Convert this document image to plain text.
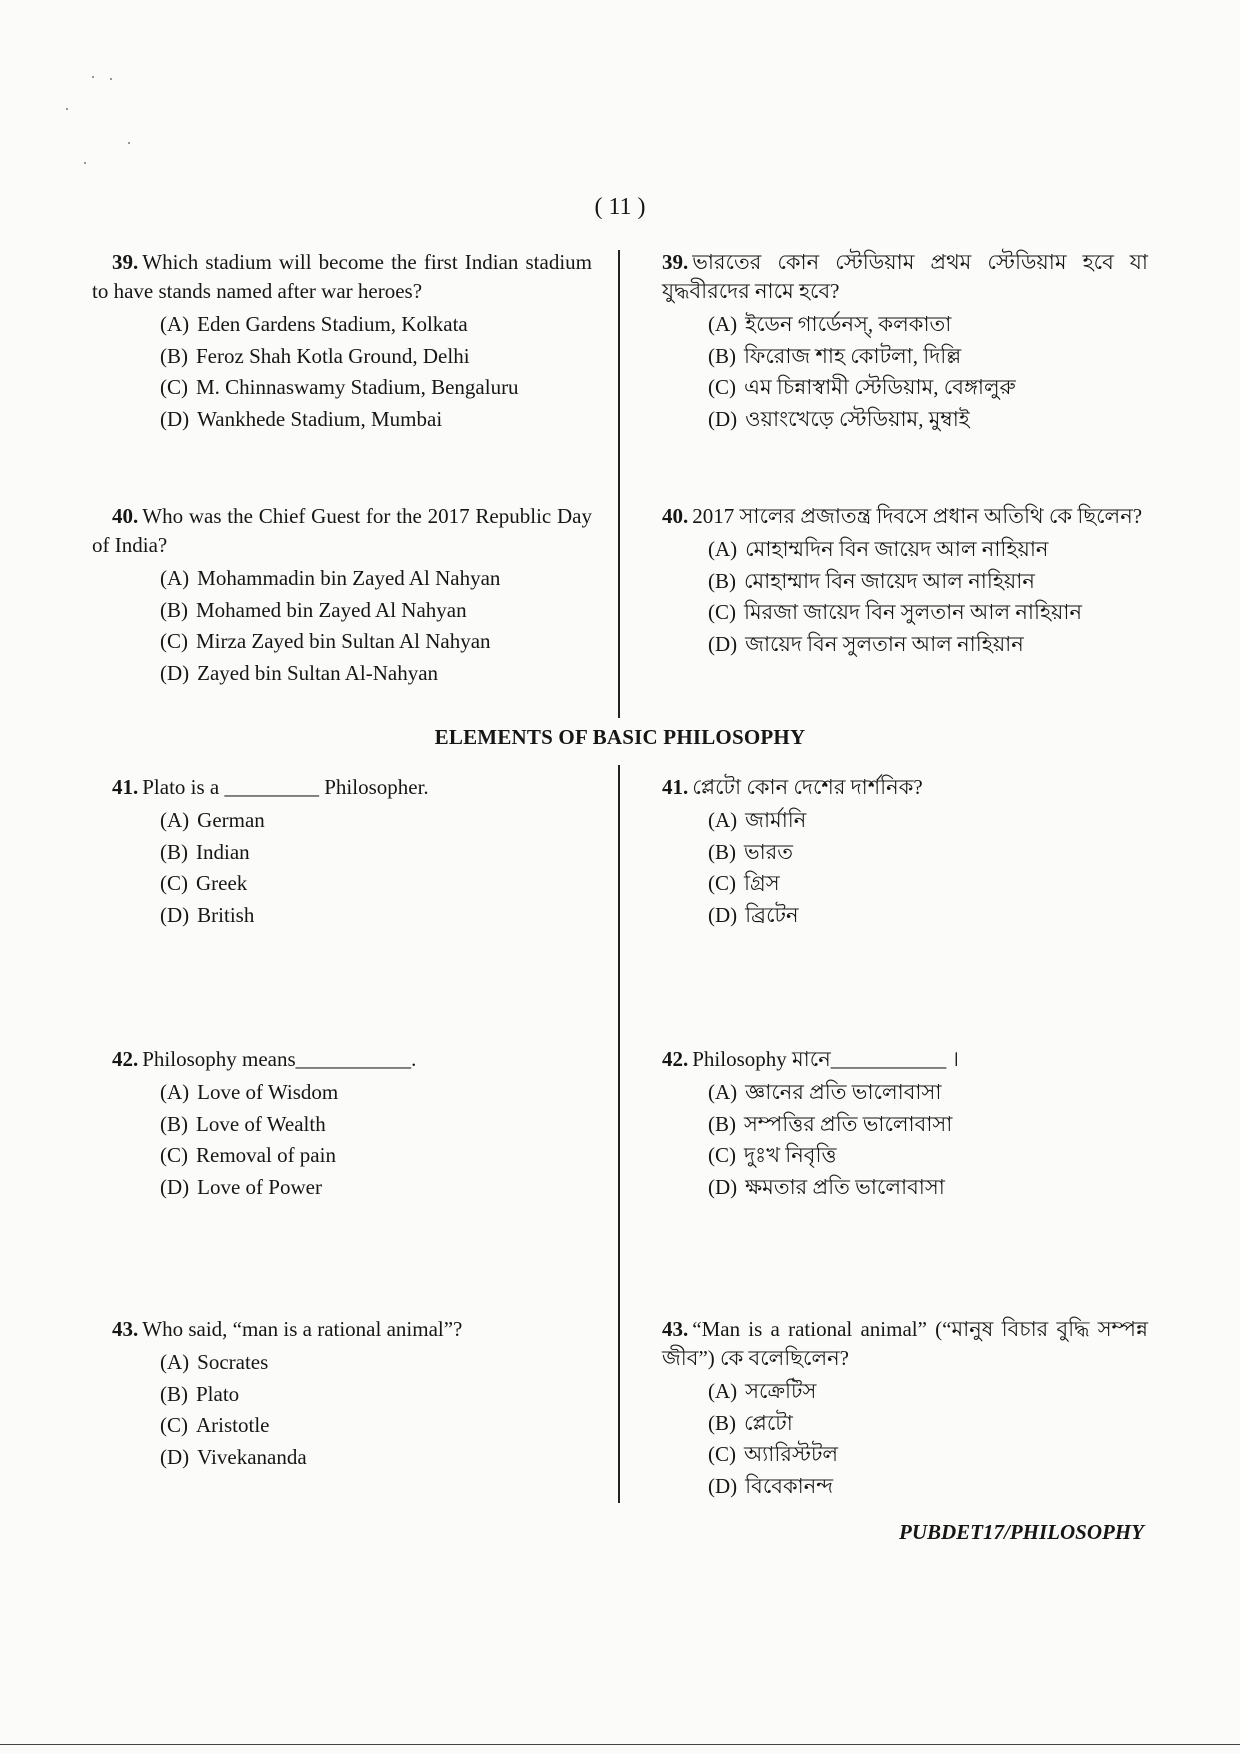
( 11 )
ELEMENTS OF BASIC PHILOSOPHY
39. Which stadium will become the first Indian stadium to have stands named after war heroes?
(A) Eden Gardens Stadium, Kolkata
(B) Feroz Shah Kotla Ground, Delhi
(C) M. Chinnaswamy Stadium, Bengaluru
(D) Wankhede Stadium, Mumbai
39. ভারতের কোন স্টেডিয়াম প্রথম স্টেডিয়াম হবে যা যুদ্ধবীরদের নামে হবে?
(A) ইডেন গার্ডেনস্, কলকাতা
(B) ফিরোজ শাহ কোটলা, দিল্লি
(C) এম চিন্নাস্বামী স্টেডিয়াম, বেঙ্গালুরু
(D) ওয়াংখেড়ে স্টেডিয়াম, মুম্বাই
40. Who was the Chief Guest for the 2017 Republic Day of India?
(A) Mohammadin bin Zayed Al Nahyan
(B) Mohamed bin Zayed Al Nahyan
(C) Mirza Zayed bin Sultan Al Nahyan
(D) Zayed bin Sultan Al-Nahyan
40. 2017 সালের প্রজাতন্ত্র দিবসে প্রধান অতিথি কে ছিলেন?
(A) মোহাম্মদিন বিন জায়েদ আল নাহিয়ান
(B) মোহাম্মাদ বিন জায়েদ আল নাহিয়ান
(C) মিরজা জায়েদ বিন সুলতান আল নাহিয়ান
(D) জায়েদ বিন সুলতান আল নাহিয়ান
41. Plato is a _________ Philosopher.
(A) German
(B) Indian
(C) Greek
(D) British
41. প্লেটো কোন দেশের দার্শনিক?
(A) জার্মানি
(B) ভারত
(C) গ্রিস
(D) ব্রিটেন
42. Philosophy means___________.
(A) Love of Wisdom
(B) Love of Wealth
(C) Removal of pain
(D) Love of Power
42. Philosophy মানে___________ ।
(A) জ্ঞানের প্রতি ভালোবাসা
(B) সম্পত্তির প্রতি ভালোবাসা
(C) দুঃখ নিবৃত্তি
(D) ক্ষমতার প্রতি ভালোবাসা
43. Who said, “man is a rational animal”?
(A) Socrates
(B) Plato
(C) Aristotle
(D) Vivekananda
43. “Man is a rational animal” (“মানুষ বিচার বুদ্ধি সম্পন্ন জীব”) কে বলেছিলেন?
(A) সক্রেটিস
(B) প্লেটো
(C) অ্যারিস্টটল
(D) বিবেকানন্দ
PUBDET17/PHILOSOPHY
